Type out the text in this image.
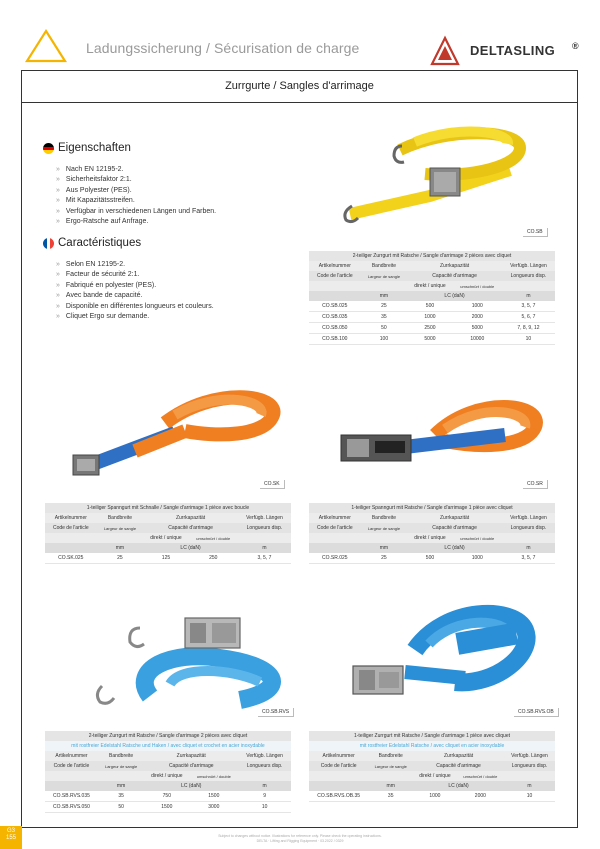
Ladungssicherung / Sécurisation de charge	DELTASLING ®
Zurrgurte / Sangles d'arrimage
Eigenschaften
» Nach EN 12195-2.
» Sicherheitsfaktor 2:1.
» Aus Polyester (PES).
» Mit Kapazitätsstreifen.
» Verfügbar in verschiedenen Längen und Farben.
» Ergo-Ratsche auf Anfrage.
Caractéristiques
» Selon EN 12195-2.
» Facteur de sécurité 2:1.
» Fabriqué en polyester (PES).
» Avec bande de capacité.
» Disponible en différentes longueurs et couleurs.
» Cliquet Ergo sur demande.
CO.SB
2-teiliger Zurrgurt mit Ratsche / Sangle d'arrimage 2 pièces avec cliquet				
Artikelnummer	Bandbreite	Zurrkapazität		Verfügb. Längen
Code de l'article	Largeur de sangle	Capacité d'arrimage		Longueurs disp.
		direkt / unique	umschnürt / double	
	mm	LC (daN)		m
CO.SB.025	25	500	1000	3, 5, 7
CO.SB.035	35	1000	2000	5, 6, 7
CO.SB.050	50	2500	5000	7, 8, 9, 12
CO.SB.100	100	5000	10000	10
CO.SK	CO.SR
1-teiliger Spanngurt mit Schnalle / Sangle d'arrimage 1 pièce avec boucle				
Artikelnummer	Bandbreite	Zurrkapazität		Verfügb. Längen
Code de l'article	Largeur de sangle	Capacité d'arrimage		Longueurs disp.
		direkt / unique	umschnürt / double	
	mm	LC (daN)		m
CO.SK.025	25	125	250	3, 5, 7
1-teiliger Spanngurt mit Ratsche / Sangle d'arrimage 1 pièce avec cliquet				
Artikelnummer	Bandbreite	Zurrkapazität		Verfügb. Längen
Code de l'article	Largeur de sangle	Capacité d'arrimage		Longueurs disp.
		direkt / unique	umschnürt / double	
	mm	LC (daN)		m
CO.SR.025	25	500	1000	3, 5, 7
CO.SB.RVS	CO.SB.RVS.OB
2-teiliger Zurrgurt mit Ratsche / Sangle d'arrimage 2 pièces avec cliquet				
mit rostfreier Edelstahl Ratsche und Haken / avec cliquet et crochet en acier inoxydable				
Artikelnummer	Bandbreite	Zurrkapazität		Verfügb. Längen
Code de l'article	Largeur de sangle	Capacité d'arrimage		Longueurs disp.
		direkt / unique	umschnürt / double	
	mm	LC (daN)		m
CO.SB.RVS.035	35	750	1500	9
CO.SB.RVS.050	50	1500	3000	10
1-teiliger Zurrgurt mit Ratsche / Sangle d'arrimage 1 pièce avec cliquet				
mit rostfreier Edelstahl Ratsche / avec cliquet en acier inoxydable				
Artikelnummer	Bandbreite	Zurrkapazität		Verfügb. Längen
Code de l'article	Largeur de sangle	Capacité d'arrimage		Longueurs disp.
		direkt / unique	umschnürt / double	
	mm	LC (daN)		m
CO.SB.RVS.OB.35	35	1000	2000	10
G3
155	Subject to changes without notice. Illustrations for reference only. Please check the operating instructions.
DELTA · Lifting and Rigging Equipment · 03.2022 / 0329
